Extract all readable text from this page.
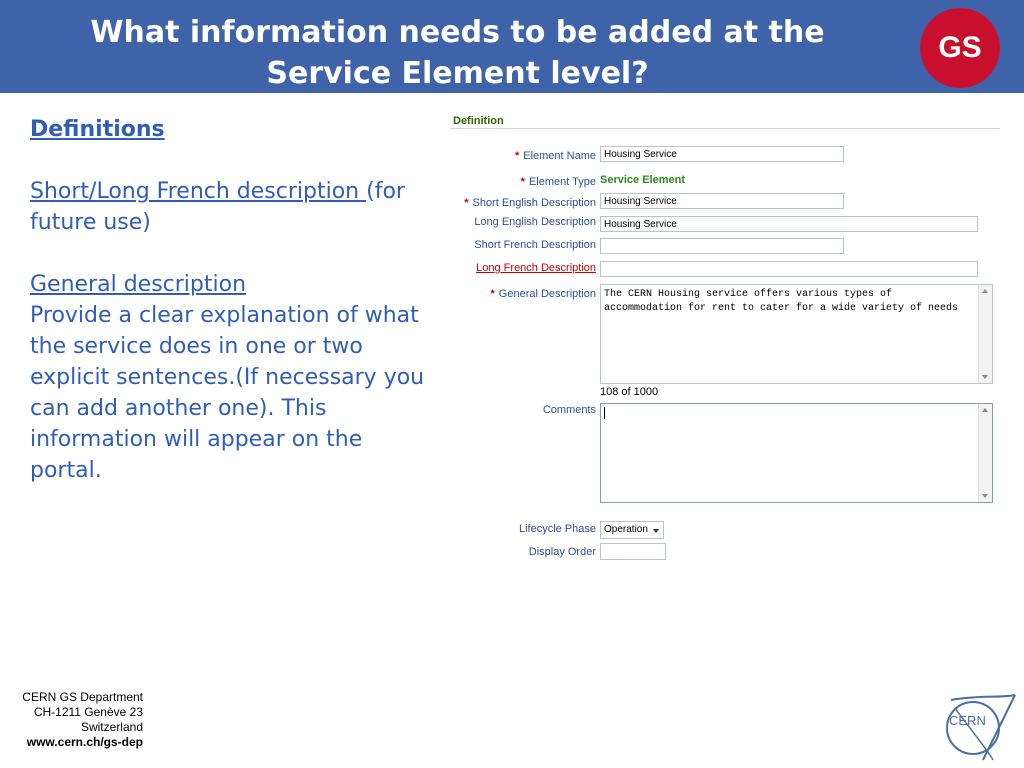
What information needs to be added at the
Service Element level?
GS

Definitions

Short/Long French description (for

future use)

General description

Provide a clear explanation of what

the service does in one or two

explicit sentences.(If necessary you

can add another one). This

information will appear on the

portal.

Definition
* Element Name Housing Service
* Element Type Service Element
* Short English Description Housing Service
Long English Description Housing Service
Short French Description
Long French Description
* General Description The CERN Housing service offers various types of
accommodation for rent to cater for a wide variety of needs
108 of 1000
Comments
Lifecycle Phase Operation
Display Order
CERN GS Department
CH-1211 Genève 23
Switzerland
www.cern.ch/gs-dep
CERN
